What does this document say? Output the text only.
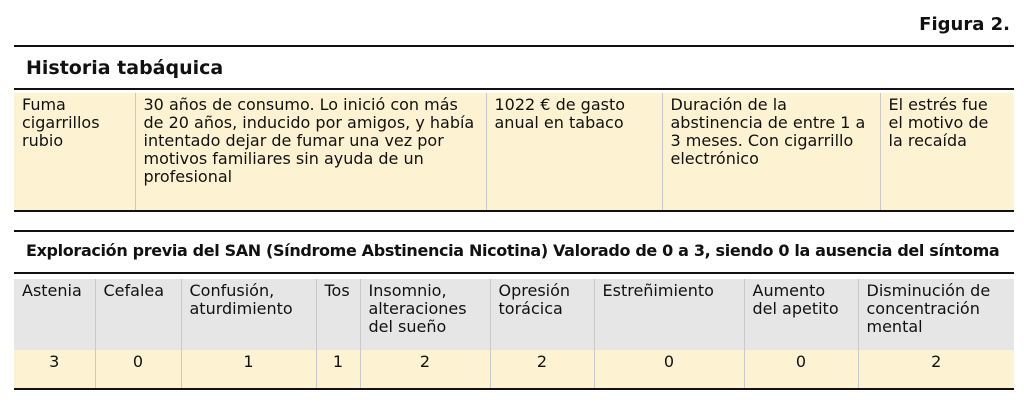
Figura 2.
Historia tabáquica
Fuma cigarrillos rubio	30 años de consumo. Lo inició con más de 20 años, inducido por amigos, y había intentado dejar de fumar una vez por motivos familiares sin ayuda de un profesional	1022 € de gasto anual en tabaco	Duración de la abstinencia de entre 1 a 3 meses. Con cigarrillo electrónico	El estrés fue el motivo de la recaída
Exploración previa del SAN (Síndrome Abstinencia Nicotina) Valorado de 0 a 3, siendo 0 la ausencia del síntoma
Astenia	Cefalea	Confusión, aturdimiento	Tos	Insomnio, alteraciones del sueño	Opresión torácica	Estreñimiento	Aumento del apetito	Disminución de concentración mental
3	0	1	1	2	2	0	0	2
